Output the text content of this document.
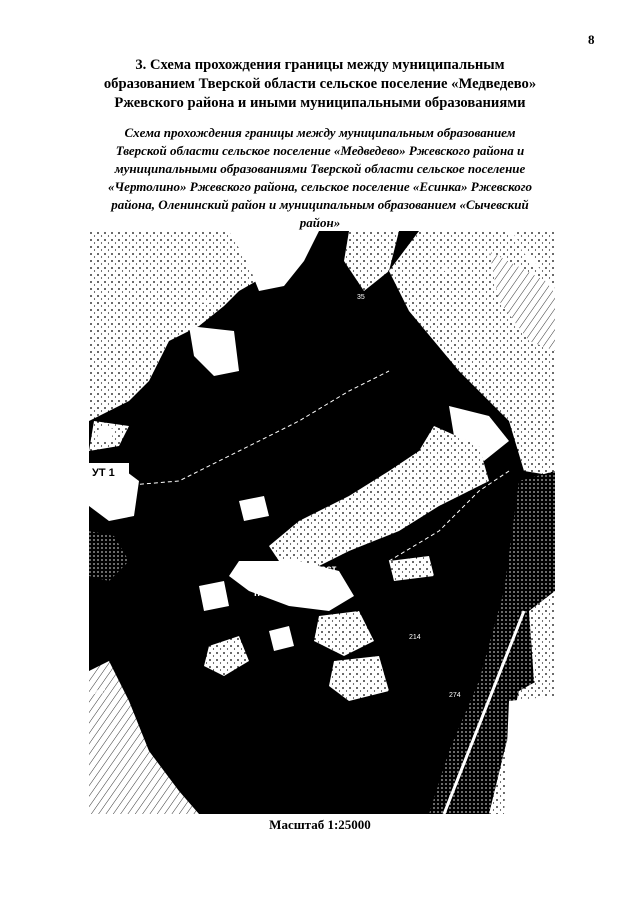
8
3. Схема прохождения границы между муниципальным
образованием Тверской области сельское поселение «Медведево»
Ржевского района и иными муниципальными образованиями
Схема прохождения границы между муниципальным образованием
Тверской области сельское поселение «Медведево» Ржевского района и
муниципальными образованиями Тверской области сельское поселение
«Чертолино» Ржевского района, сельское поселение «Есинка» Ржевского
района, Оленинский район и муниципальным образованием «Сычевский район»
УТ 1
222
229
35
215
214
210	274
Тверская област
Ржевский рай
поселение «М
Масштаб 1:25000
